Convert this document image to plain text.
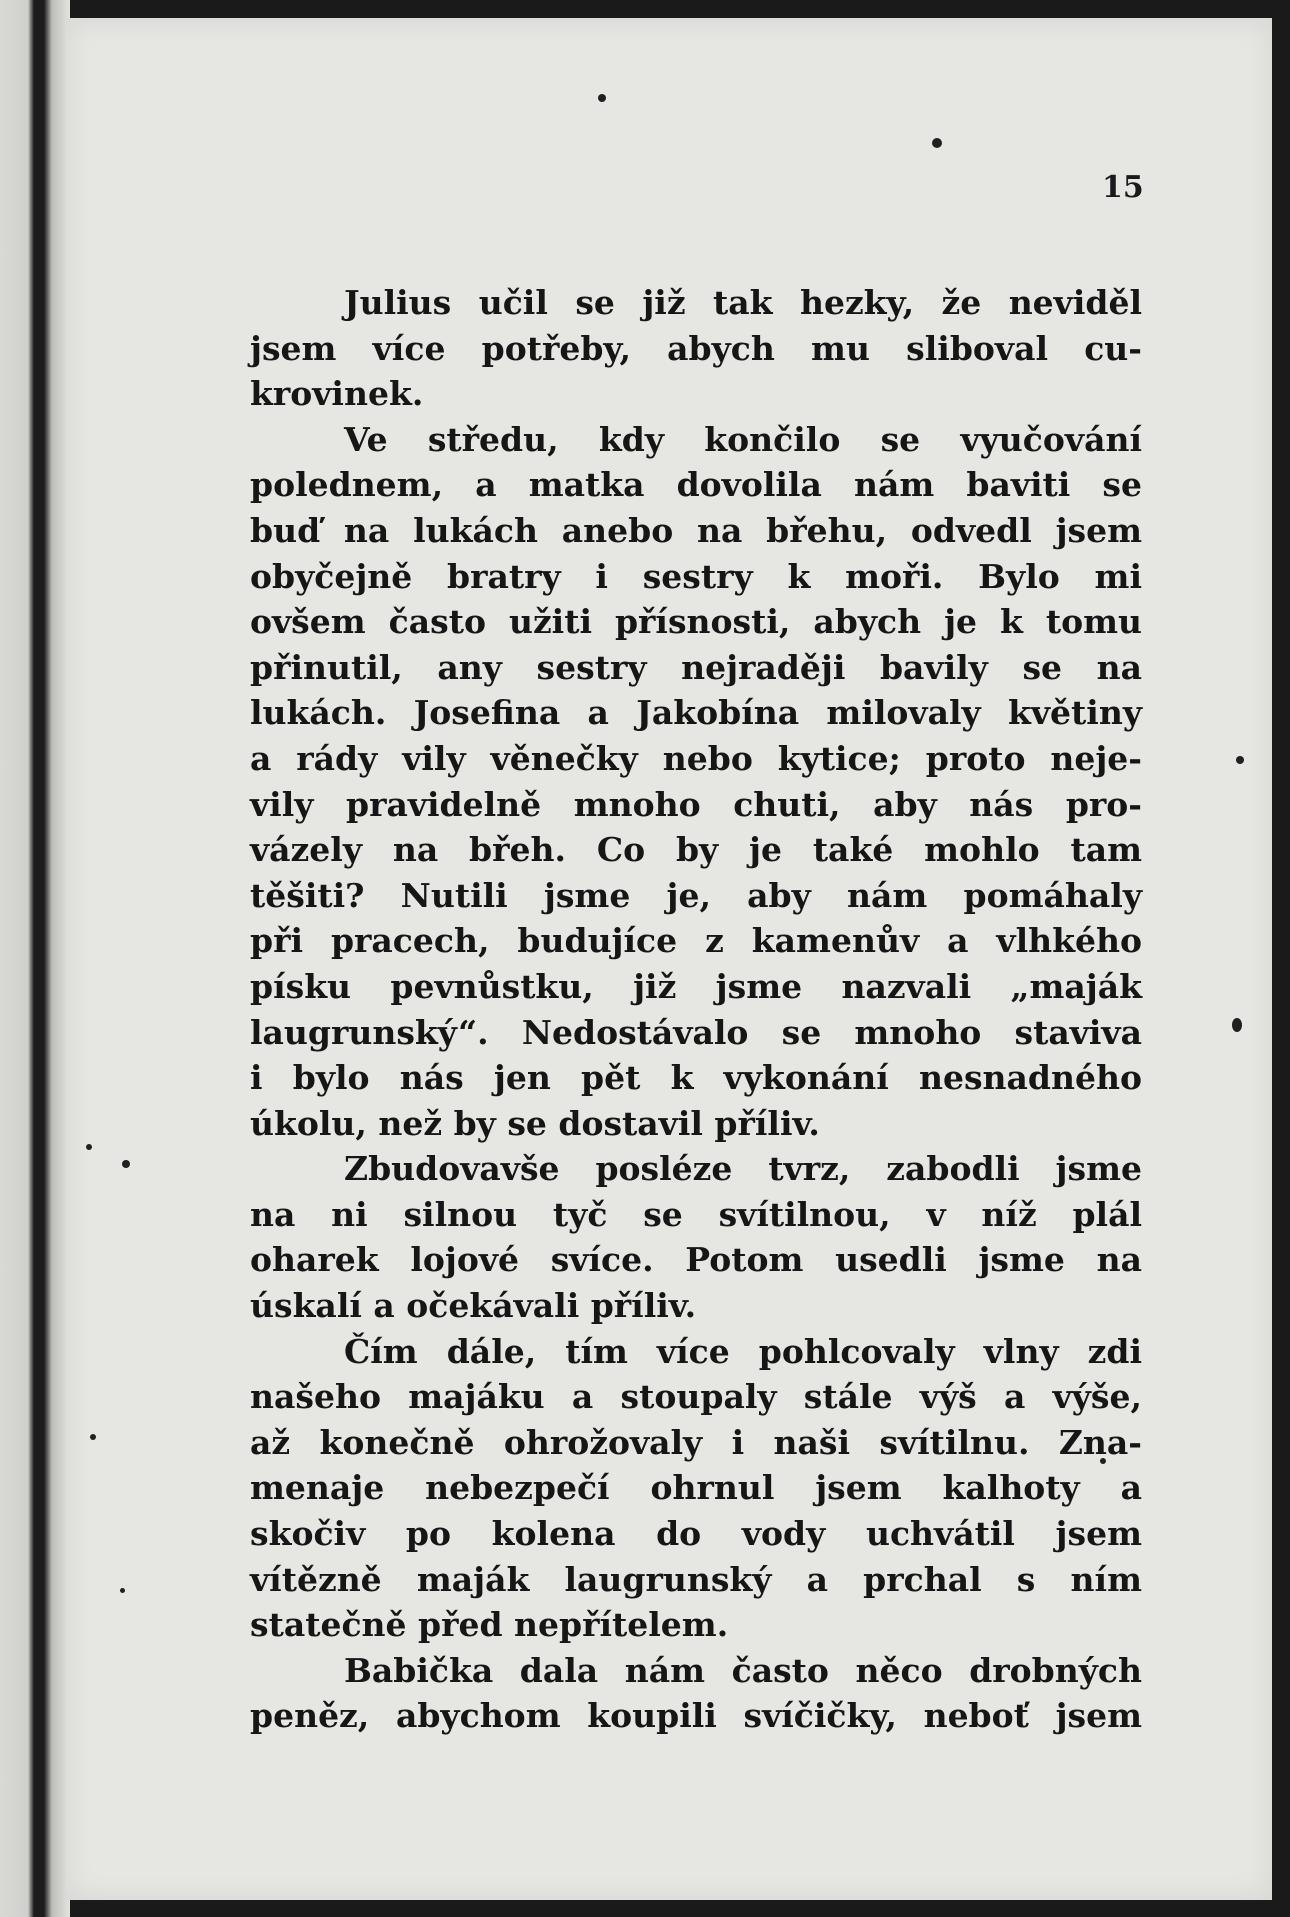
15
Julius učil se již tak hezky, že neviděl
jsem více potřeby, abych mu sliboval cu-
krovinek.
Ve středu, kdy končilo se vyučování
polednem, a matka dovolila nám baviti se
buď na lukách anebo na břehu, odvedl jsem
obyčejně bratry i sestry k moři. Bylo mi
ovšem často užiti přísnosti, abych je k tomu
přinutil, any sestry nejraději bavily se na
lukách. Josefina a Jakobína milovaly květiny
a rády vily věnečky nebo kytice; proto neje-
vily pravidelně mnoho chuti, aby nás pro-
vázely na břeh. Co by je také mohlo tam
těšiti? Nutili jsme je, aby nám pomáhaly
při pracech, budujíce z kamenův a vlhkého
písku pevnůstku, již jsme nazvali „maják
laugrunský“. Nedostávalo se mnoho staviva
i bylo nás jen pět k vykonání nesnadného
úkolu, než by se dostavil příliv.
Zbudovavše posléze tvrz, zabodli jsme
na ni silnou tyč se svítilnou, v níž plál
oharek lojové svíce. Potom usedli jsme na
úskalí a očekávali příliv.
Čím dále, tím více pohlcovaly vlny zdi
našeho majáku a stoupaly stále výš a výše,
až konečně ohrožovaly i naši svítilnu. Zna-
menaje nebezpečí ohrnul jsem kalhoty a
skočiv po kolena do vody uchvátil jsem
vítězně maják laugrunský a prchal s ním
statečně před nepřítelem.
Babička dala nám často něco drobných
peněz, abychom koupili svíčičky, neboť jsem
